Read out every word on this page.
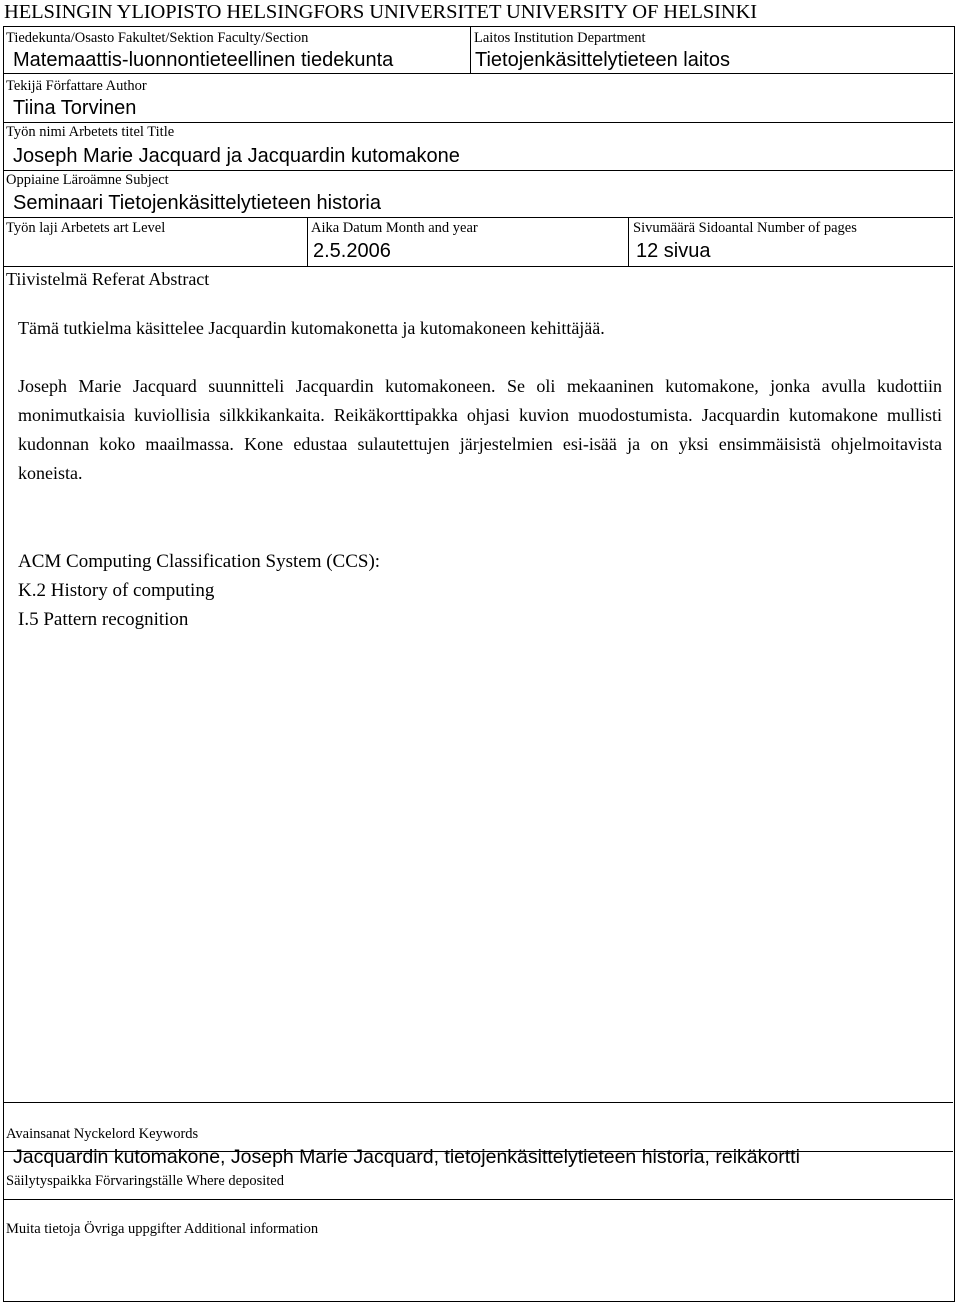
HELSINGIN YLIOPISTO HELSINGFORS UNIVERSITET UNIVERSITY OF HELSINKI
Tiedekunta/Osasto Fakultet/Sektion Faculty/Section
Matemaattis-luonnontieteellinen tiedekunta
Laitos Institution Department
Tietojenkäsittelytieteen laitos
Tekijä Författare Author
Tiina Torvinen
Työn nimi Arbetets titel Title
Joseph Marie Jacquard ja Jacquardin kutomakone
Oppiaine Läroämne Subject
Seminaari Tietojenkäsittelytieteen historia
Työn laji Arbetets art Level	Aika Datum Month and year
2.5.2006
Sivumäärä Sidoantal Number of pages
12 sivua
Tiivistelmä Referat Abstract

Tämä tutkielma käsittelee Jacquardin kutomakonetta ja kutomakoneen kehittäjää.

Joseph Marie Jacquard suunnitteli Jacquardin kutomakoneen. Se oli mekaaninen kutomakone, jonka avulla kudottiin monimutkaisia kuviollisia silkkikankaita. Reikäkorttipakka ohjasi kuvion muodostumista. Jacquardin kutomakone mullisti kudonnan koko maailmassa. Kone edustaa sulautettujen järjestelmien esi-isää ja on yksi ensimmäisistä ohjelmoitavista koneista.

ACM Computing Classification System (CCS):
K.2 History of computing
I.5 Pattern recognition
Avainsanat Nyckelord Keywords
Jacquardin kutomakone, Joseph Marie Jacquard, tietojenkäsittelytieteen historia, reikäkortti
Säilytyspaikka Förvaringställe Where deposited
Muita tietoja Övriga uppgifter Additional information
